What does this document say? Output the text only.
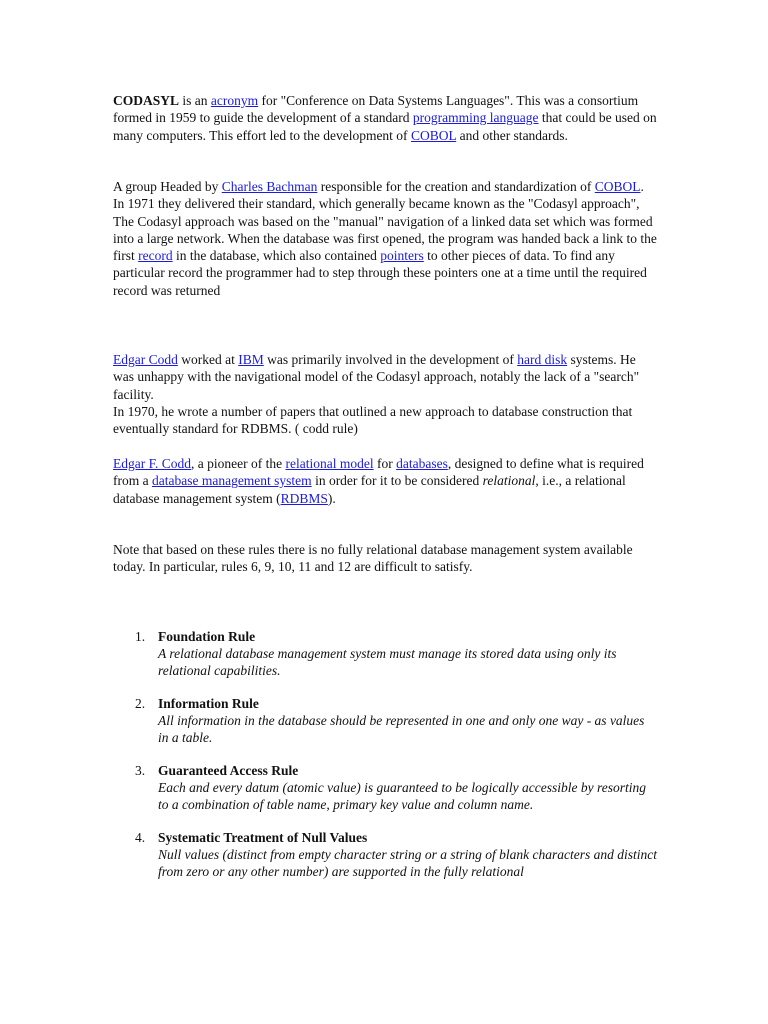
CODASYL is an acronym for "Conference on Data Systems Languages". This was a consortium formed in 1959 to guide the development of a standard programming language that could be used on many computers. This effort led to the development of COBOL and other standards.

A group Headed by Charles Bachman responsible for the creation and standardization of COBOL. In 1971 they delivered their standard, which generally became known as the "Codasyl approach",
The Codasyl approach was based on the "manual" navigation of a linked data set which was formed into a large network. When the database was first opened, the program was handed back a link to the first record in the database, which also contained pointers to other pieces of data. To find any particular record the programmer had to step through these pointers one at a time until the required record was returned

Edgar Codd worked at IBM was primarily involved in the development of hard disk systems. He was unhappy with the navigational model of the Codasyl approach, notably the lack of a "search" facility.
In 1970, he wrote a number of papers that outlined a new approach to database construction that eventually standard for RDBMS. ( codd rule)

Edgar F. Codd, a pioneer of the relational model for databases, designed to define what is required from a database management system in order for it to be considered relational, i.e., a relational database management system (RDBMS).

Note that based on these rules there is no fully relational database management system available today. In particular, rules 6, 9, 10, 11 and 12 are difficult to satisfy.

1. Foundation Rule
A relational database management system must manage its stored data using only its relational capabilities.
2. Information Rule
All information in the database should be represented in one and only one way - as values in a table.
3. Guaranteed Access Rule
Each and every datum (atomic value) is guaranteed to be logically accessible by resorting to a combination of table name, primary key value and column name.
4. Systematic Treatment of Null Values
Null values (distinct from empty character string or a string of blank characters and distinct from zero or any other number) are supported in the fully relational
